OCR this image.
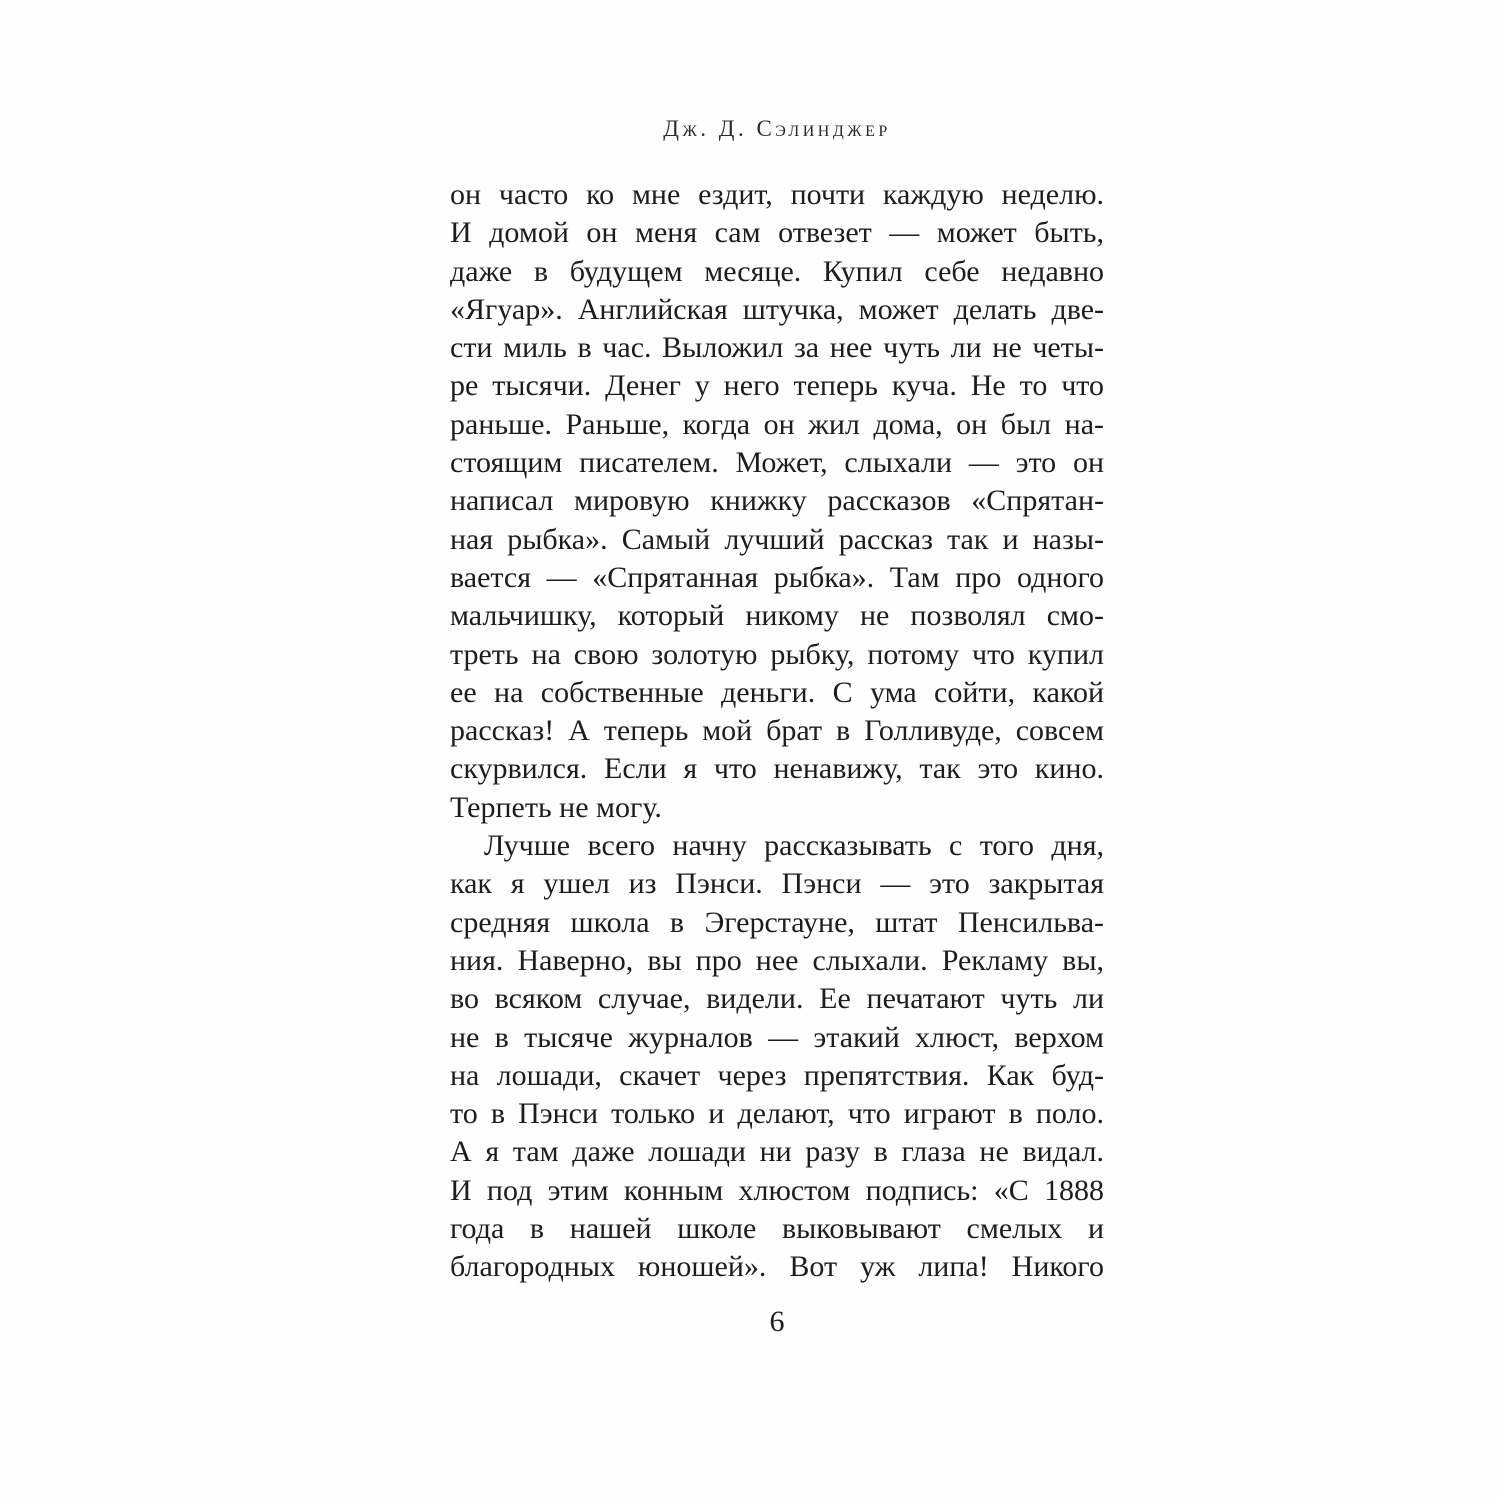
Дж. Д. Сэлинджер
он часто ко мне ездит, почти каждую неделю.
И домой он меня сам отвезет — может быть,
даже в будущем месяце. Купил себе недавно
«Ягуар». Английская штучка, может делать две-
сти миль в час. Выложил за нее чуть ли не четы-
ре тысячи. Денег у него теперь куча. Не то что
раньше. Раньше, когда он жил дома, он был на-
стоящим писателем. Может, слыхали — это он
написал мировую книжку рассказов «Спрятан-
ная рыбка». Самый лучший рассказ так и назы-
вается — «Спрятанная рыбка». Там про одного
мальчишку, который никому не позволял смо-
треть на свою золотую рыбку, потому что купил
ее на собственные деньги. С ума сойти, какой
рассказ! А теперь мой брат в Голливуде, совсем
скурвился. Если я что ненавижу, так это кино.
Терпеть не могу.
Лучше всего начну рассказывать с того дня,
как я ушел из Пэнси. Пэнси — это закрытая
средняя школа в Эгерстауне, штат Пенсильва-
ния. Наверно, вы про нее слыхали. Рекламу вы,
во всяком случае, видели. Ее печатают чуть ли
не в тысяче журналов — этакий хлюст, верхом
на лошади, скачет через препятствия. Как буд-
то в Пэнси только и делают, что играют в поло.
А я там даже лошади ни разу в глаза не видал.
И под этим конным хлюстом подпись: «С 1888
года в нашей школе выковывают смелых и
благородных юношей». Вот уж липа! Никого
6
